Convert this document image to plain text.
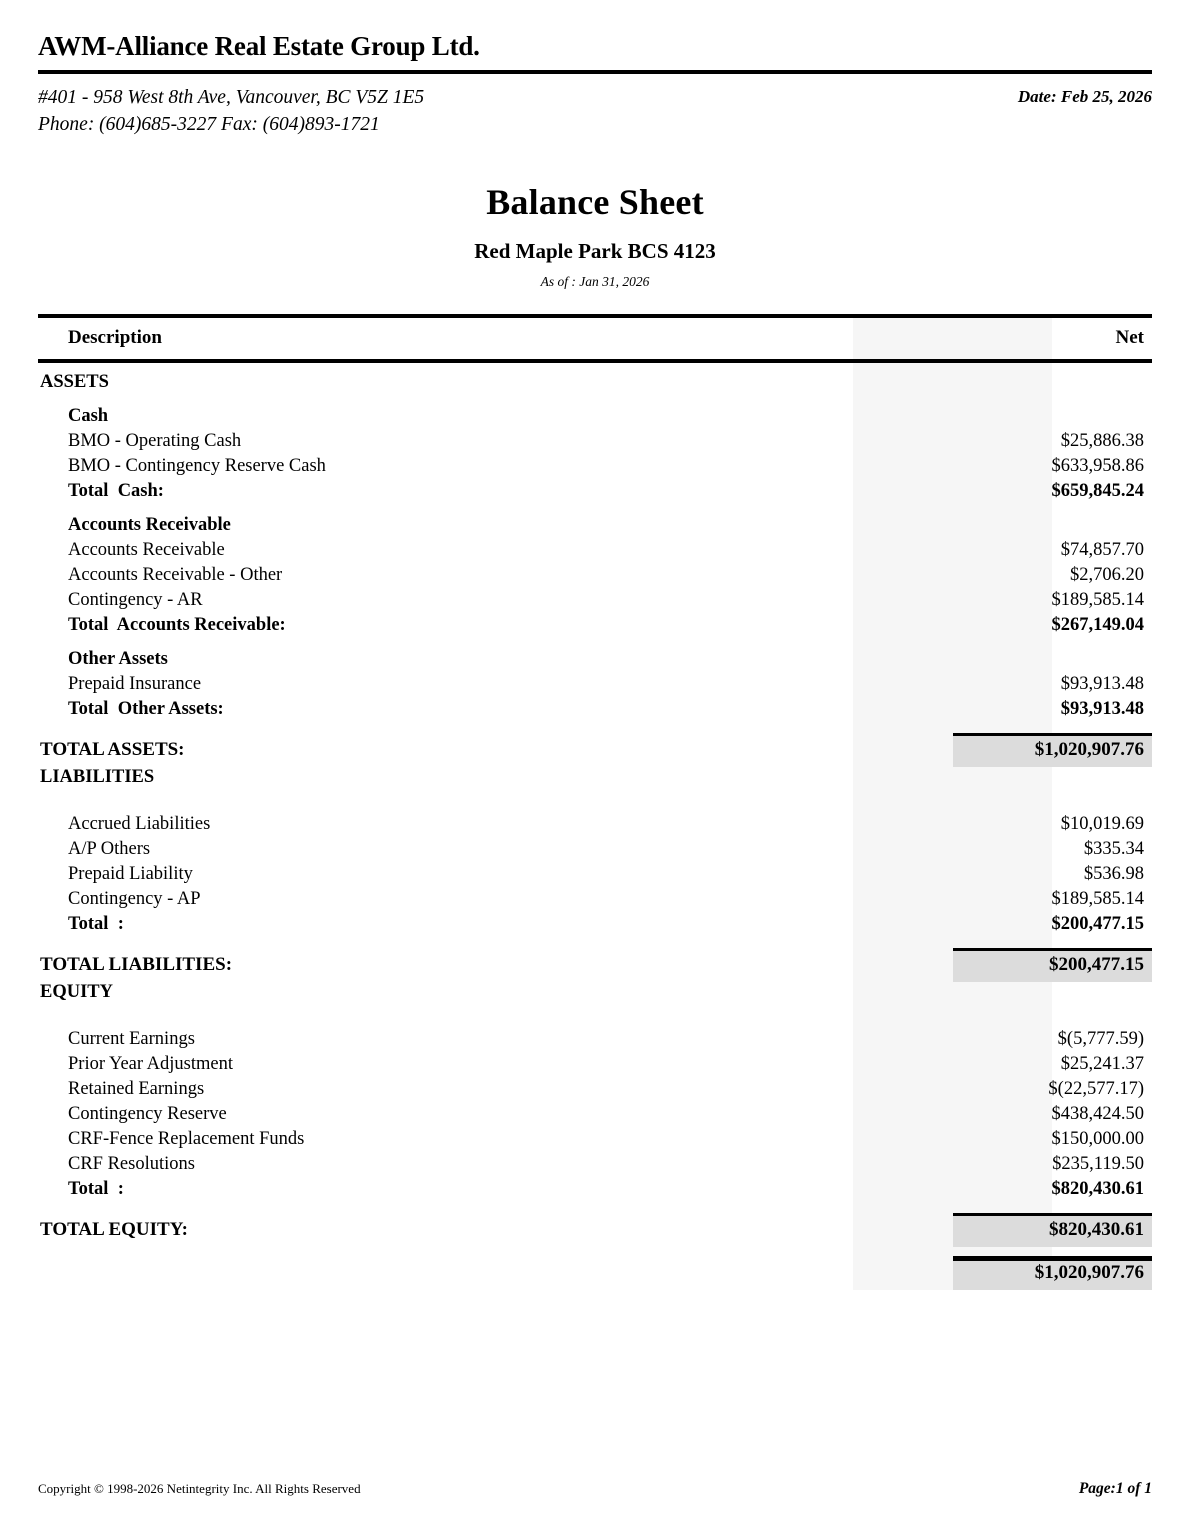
AWM-Alliance Real Estate Group Ltd.
#401 - 958 West 8th Ave, Vancouver, BC V5Z 1E5
Phone: (604)685-3227 Fax: (604)893-1721
Date: Feb 25, 2026
Balance Sheet
Red Maple Park BCS 4123
As of : Jan 31, 2026
Description	Net
ASSETS
Cash
BMO - Operating Cash	$25,886.38
BMO - Contingency Reserve Cash	$633,958.86
Total  Cash:	$659,845.24
Accounts Receivable
Accounts Receivable	$74,857.70
Accounts Receivable - Other	$2,706.20
Contingency - AR	$189,585.14
Total  Accounts Receivable:	$267,149.04
Other Assets
Prepaid Insurance	$93,913.48
Total  Other Assets:	$93,913.48
TOTAL ASSETS:	$1,020,907.76
LIABILITIES
Accrued Liabilities	$10,019.69
A/P Others	$335.34
Prepaid Liability	$536.98
Contingency - AP	$189,585.14
Total  :	$200,477.15
TOTAL LIABILITIES:	$200,477.15
EQUITY
Current Earnings	$(5,777.59)
Prior Year Adjustment	$25,241.37
Retained Earnings	$(22,577.17)
Contingency Reserve	$438,424.50
CRF-Fence Replacement Funds	$150,000.00
CRF Resolutions	$235,119.50
Total  :	$820,430.61
TOTAL EQUITY:	$820,430.61
$1,020,907.76
Copyright © 1998-2026 Netintegrity Inc. All Rights Reserved	Page:1 of 1
